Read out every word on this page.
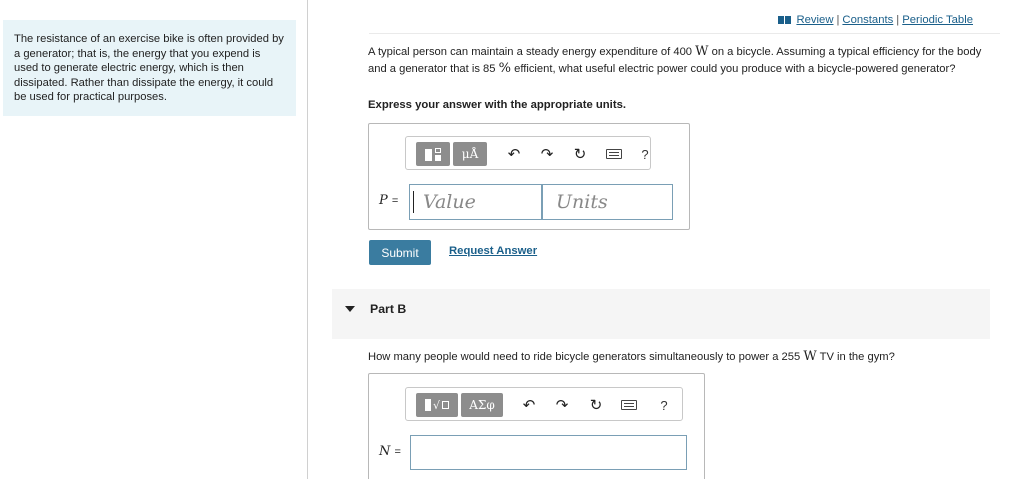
The resistance of an exercise bike is often provided by a generator; that is, the energy that you expend is used to generate electric energy, which is then dissipated. Rather than dissipate the energy, it could be used for practical purposes.
Review | Constants | Periodic Table
A typical person can maintain a steady energy expenditure of 400 W on a bicycle. Assuming a typical efficiency for the body and a generator that is 85 % efficient, what useful electric power could you produce with a bicycle-powered generator?
Express your answer with the appropriate units.
μÅ	↶ ↷ ↻	?
P = Value	Units
Submit	Request Answer
Part B
How many people would need to ride bicycle generators simultaneously to power a 255 W TV in the gym?
√	ΑΣφ	↶ ↷ ↻	?
N =
